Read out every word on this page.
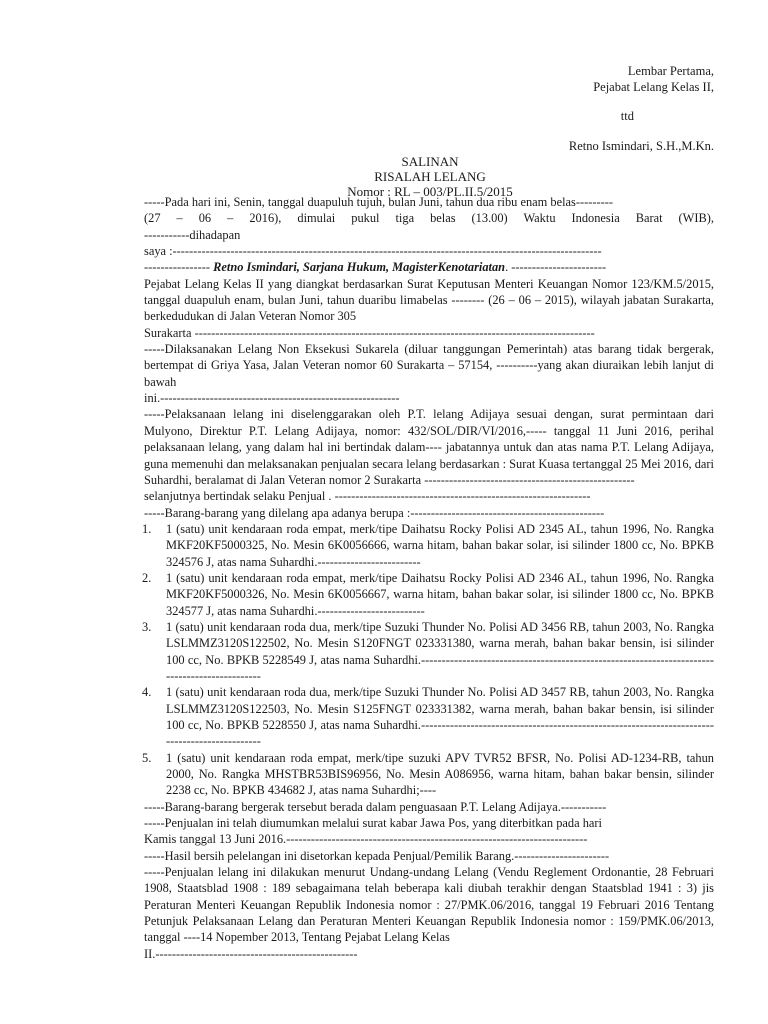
Lembar Pertama,
Pejabat Lelang Kelas II,
ttd
Retno Ismindari, S.H.,M.Kn.
SALINAN
RISALAH LELANG
Nomor : RL – 003/PL.II.5/2015
-----Pada hari ini, Senin, tanggal duapuluh tujuh, bulan Juni, tahun dua ribu enam belas---------

(27 – 06 – 2016), dimulai pukul tiga belas (13.00) Waktu Indonesia Barat (WIB),

-----------dihadapan
saya :--------------------------------------------------------------------------------------------------------
---------------- Retno Ismindari, Sarjana Hukum, MagisterKenotariatan. -----------------------

Pejabat Lelang Kelas II yang diangkat berdasarkan Surat Keputusan Menteri Keuangan Nomor 123/KM.5/2015, tanggal duapuluh enam, bulan Juni, tahun duaribu limabelas -------- (26 – 06 – 2015), wilayah jabatan Surakarta, berkedudukan di Jalan Veteran Nomor 305

Surakarta -------------------------------------------------------------------------------------------------

-----Dilaksanakan Lelang Non Eksekusi Sukarela (diluar tanggungan Pemerintah) atas barang tidak bergerak, bertempat di Griya Yasa, Jalan Veteran nomor 60 Surakarta – 57154, ----------yang akan diuraikan lebih lanjut di bawah

ini.----------------------------------------------------------

-----Pelaksanaan lelang ini diselenggarakan oleh P.T. lelang Adijaya sesuai dengan, surat permintaan dari Mulyono, Direktur P.T. Lelang Adijaya, nomor: 432/SOL/DIR/VI/2016,----- tanggal 11 Juni 2016, perihal pelaksanaan lelang, yang dalam hal ini bertindak dalam---- jabatannya untuk dan atas nama P.T. Lelang Adijaya, guna memenuhi dan melaksanakan penjualan secara lelang berdasarkan : Surat Kuasa tertanggal 25 Mei 2016, dari Suhardhi, beralamat di Jalan Veteran nomor 2 Surakarta ---------------------------------------------------

selanjutnya bertindak selaku Penjual . --------------------------------------------------------------
-----Barang-barang yang dilelang apa adanya berupa :-----------------------------------------------

1. 1 (satu) unit kendaraan roda empat, merk/tipe Daihatsu Rocky Polisi AD 2345 AL, tahun 1996, No. Rangka MKF20KF5000325, No. Mesin 6K0056666, warna hitam, bahan bakar solar, isi silinder 1800 cc, No. BPKB 324576 J, atas nama Suhardhi.-------------------------

2. 1 (satu) unit kendaraan roda empat, merk/tipe Daihatsu Rocky Polisi AD 2346 AL, tahun 1996, No. Rangka MKF20KF5000326, No. Mesin 6K0056667, warna hitam, bahan bakar solar, isi silinder 1800 cc, No. BPKB 324577 J, atas nama Suhardhi.--------------------------

3. 1 (satu) unit kendaraan roda dua, merk/tipe Suzuki Thunder No. Polisi AD 3456 RB, tahun 2003, No. Rangka LSLMMZ3120S122502, No. Mesin S120FNGT 023331380, warna merah, bahan bakar bensin, isi silinder 100 cc, No. BPKB 5228549 J, atas nama Suhardhi.----------------------------------------------------------------------------------------------

4. 1 (satu) unit kendaraan roda dua, merk/tipe Suzuki Thunder No. Polisi AD 3457 RB, tahun 2003, No. Rangka LSLMMZ3120S122503, No. Mesin S125FNGT 023331382, warna merah, bahan bakar bensin, isi silinder 100 cc, No. BPKB 5228550 J, atas nama Suhardhi.----------------------------------------------------------------------------------------------

5. 1 (satu) unit kendaraan roda empat, merk/tipe suzuki APV TVR52 BFSR, No. Polisi AD-1234-RB, tahun 2000, No. Rangka MHSTBR53BIS96956, No. Mesin A086956, warna hitam, bahan bakar bensin, silinder 2238 cc, No. BPKB 434682 J, atas nama Suhardhi;----

-----Barang-barang bergerak tersebut berada dalam penguasaan P.T. Lelang Adijaya.-----------

-----Penjualan ini telah diumumkan melalui surat kabar Jawa Pos, yang diterbitkan pada hari

Kamis tanggal 13 Juni 2016.-------------------------------------------------------------------------
-----Hasil bersih pelelangan ini disetorkan kepada Penjual/Pemilik Barang.-----------------------

-----Penjualan lelang ini dilakukan menurut Undang-undang Lelang (Vendu Reglement Ordonantie, 28 Februari 1908, Staatsblad 1908 : 189 sebagaimana telah beberapa kali diubah terakhir dengan Staatsblad 1941 : 3) jis Peraturan Menteri Keuangan Republik Indonesia nomor : 27/PMK.06/2016, tanggal 19 Februari 2016 Tentang Petunjuk Pelaksanaan Lelang dan Peraturan Menteri Keuangan Republik Indonesia nomor : 159/PMK.06/2013, tanggal ----14 Nopember 2013, Tentang Pejabat Lelang Kelas

II.-------------------------------------------------
